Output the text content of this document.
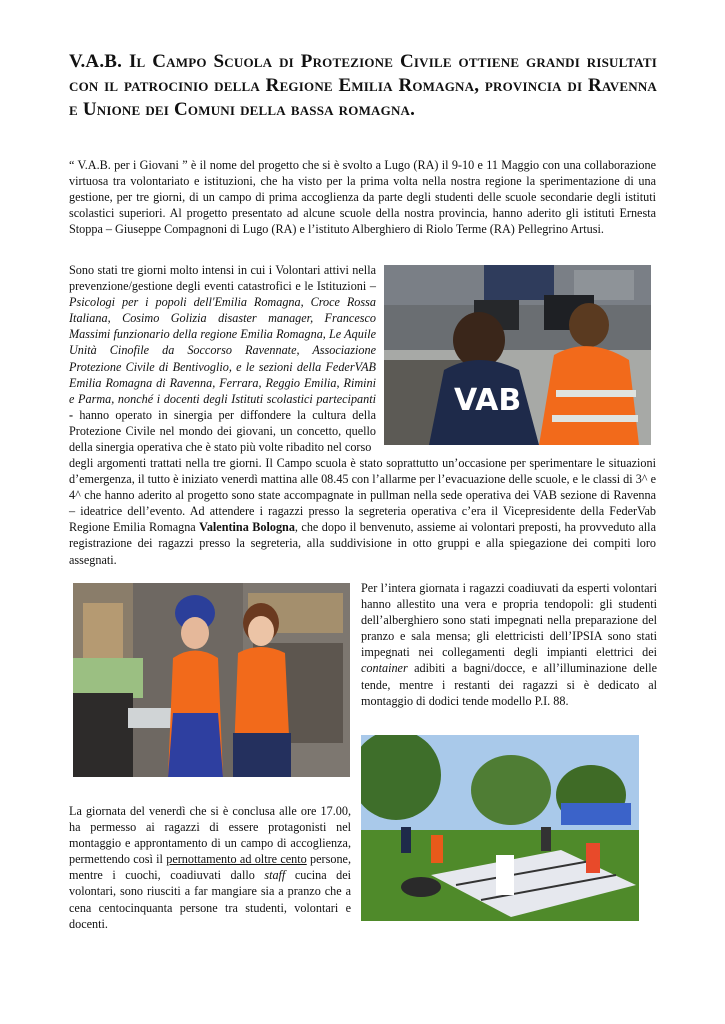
V.A.B. Il Campo Scuola di Protezione Civile ottiene grandi risultati con il patrocinio della Regione Emilia Romagna, provincia di Ravenna e Unione dei Comuni della bassa romagna.

“ V.A.B. per i Giovani ” è il nome del progetto che si è svolto a Lugo (RA) il 9-10 e 11 Maggio con una collaborazione virtuosa tra volontariato e istituzioni, che ha visto per la prima volta nella nostra regione la sperimentazione di una gestione, per tre giorni, di un campo di prima accoglienza da parte degli studenti delle scuole secondarie degli istituti scolastici superiori. Al progetto presentato ad alcune scuole della nostra provincia, hanno aderito gli istituti Ernesta Stoppa – Giuseppe Compagnoni di Lugo (RA) e l’istituto Alberghiero di Riolo Terme (RA) Pellegrino Artusi.

Sono stati tre giorni molto intensi in cui i Volontari attivi nella prevenzione/gestione degli eventi catastrofici e le Istituzioni – Psicologi per i popoli dell'Emilia Romagna, Croce Rossa Italiana, Cosimo Golizia disaster manager, Francesco Massimi funzionario della regione Emilia Romagna, Le Aquile Unità Cinofile da Soccorso Ravennate, Associazione Protezione Civile di Bentivoglio, e le sezioni della FederVAB Emilia Romagna di Ravenna, Ferrara, Reggio Emilia, Rimini e Parma, nonché i docenti degli Istituti scolastici partecipanti - hanno operato in sinergia per diffondere la cultura della Protezione Civile nel mondo dei giovani, un concetto, quello della sinergia operativa che è stato più volte ribadito nel corso

degli argomenti trattati nella tre giorni. Il Campo scuola è stato soprattutto un’occasione per sperimentare le situazioni d’emergenza, il tutto è iniziato venerdì mattina alle 08.45 con l’allarme per l’evacuazione delle scuole, e le classi di 3^ e 4^ che hanno aderito al progetto sono state accompagnate in pullman nella sede operativa dei VAB sezione di Ravenna – ideatrice dell’evento. Ad attendere i ragazzi presso la segreteria operativa c’era il Vicepresidente della FederVab Regione Emilia Romagna Valentina Bologna, che dopo il benvenuto, assieme ai volontari preposti, ha provveduto alla registrazione dei ragazzi presso la segreteria, alla suddivisione in otto gruppi e alla spiegazione dei compiti loro assegnati.

Per l’intera giornata i ragazzi coadiuvati da esperti volontari hanno allestito una vera e propria tendopoli: gli studenti dell’alberghiero sono stati impegnati nella preparazione del pranzo e sala mensa; gli elettricisti dell’IPSIA sono stati impegnati nei collegamenti degli impianti elettrici dei container adibiti a bagni/docce, e all’illuminazione delle tende, mentre i restanti dei ragazzi si è dedicato al montaggio di dodici tende modello P.I. 88.

La giornata del venerdì che si è conclusa alle ore 17.00, ha permesso ai ragazzi di essere protagonisti nel montaggio e approntamento di un campo di accoglienza, permettendo così il pernottamento ad oltre cento persone, mentre i cuochi, coadiuvati dallo staff cucina dei volontari, sono riusciti a far mangiare sia a pranzo che a cena centocinquanta persone tra studenti, volontari e docenti.

VAB
